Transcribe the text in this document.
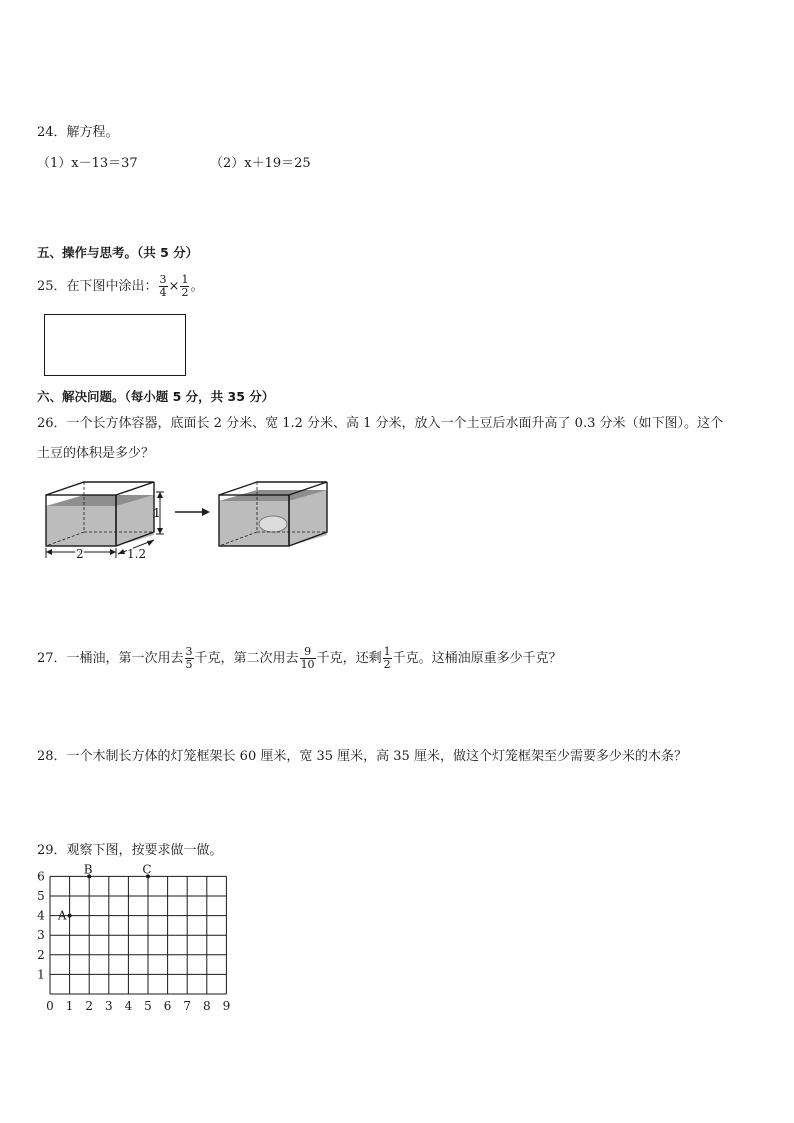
24．解方程。
（1）x－13＝37	（2）x＋19＝25
五、操作与思考。（共 5 分）
25．在下图中涂出： $\frac{3}{4} \times \frac{1}{2}$ 。
六、解决问题。（每小题 5 分，共 35 分）
26．一个长方体容器，底面长 2 分米、宽 1.2 分米、高 1 分米，放入一个土豆后水面升高了 0.3 分米（如下图）。这个
土豆的体积是多少？
1
2	1.2
27．一桶油，第一次用去 $\frac{3}{5}$ 千克，第二次用去 $\frac{9}{10}$ 千克，还剩 $\frac{1}{2}$ 千克。这桶油原重多少千克？
28．一个木制长方体的灯笼框架长 60 厘米，宽 35 厘米，高 35 厘米，做这个灯笼框架至少需要多少米的木条？
29．观察下图，按要求做一做。
0 1 2 3 4 5 6 7 8 9
1
2
3
4
5
6
A
B	C
